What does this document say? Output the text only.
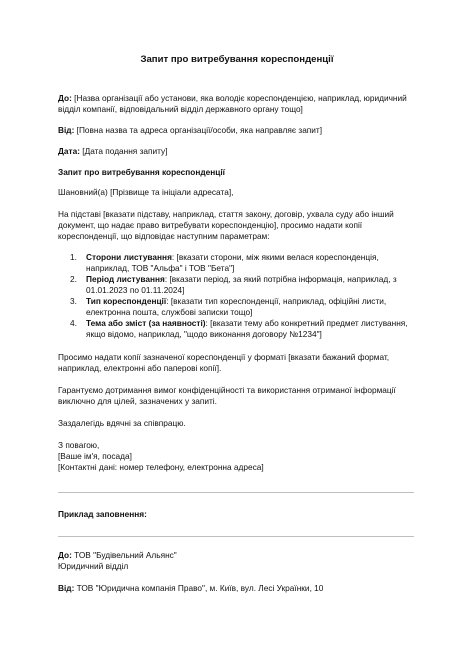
Запит про витребування кореспонденції

До: [Назва організації або установи, яка володіє кореспонденцією, наприклад, юридичний відділ компанії, відповідальний відділ державного органу тощо]

Від: [Повна назва та адреса організації/особи, яка направляє запит]

Дата: [Дата подання запиту]

Запит про витребування кореспонденції

Шановний(а) [Прізвище та ініціали адресата],

На підставі [вказати підставу, наприклад, стаття закону, договір, ухвала суду або інший документ, що надає право витребувати кореспонденцію], просимо надати копії кореспонденції, що відповідає наступним параметрам:

1. Сторони листування: [вказати сторони, між якими велася кореспонденція, наприклад, ТОВ "Альфа" і ТОВ "Бета"]
2. Період листування: [вказати період, за який потрібна інформація, наприклад, з 01.01.2023 по 01.11.2024]
3. Тип кореспонденції: [вказати тип кореспонденції, наприклад, офіційні листи, електронна пошта, службові записки тощо]
4. Тема або зміст (за наявності): [вказати тему або конкретний предмет листування, якщо відомо, наприклад, "щодо виконання договору №1234"]

Просимо надати копії зазначеної кореспонденції у форматі [вказати бажаний формат, наприклад, електронні або паперові копії].

Гарантуємо дотримання вимог конфіденційності та використання отриманої інформації виключно для цілей, зазначених у запиті.

Заздалегідь вдячні за співпрацю.

З повагою,

[Ваше ім'я, посада]

[Контактні дані: номер телефону, електронна адреса]

Приклад заповнення:

До: ТОВ "Будівельний Альянс"

Юридичний відділ

Від: ТОВ "Юридична компанія Право", м. Київ, вул. Лесі Українки, 10
